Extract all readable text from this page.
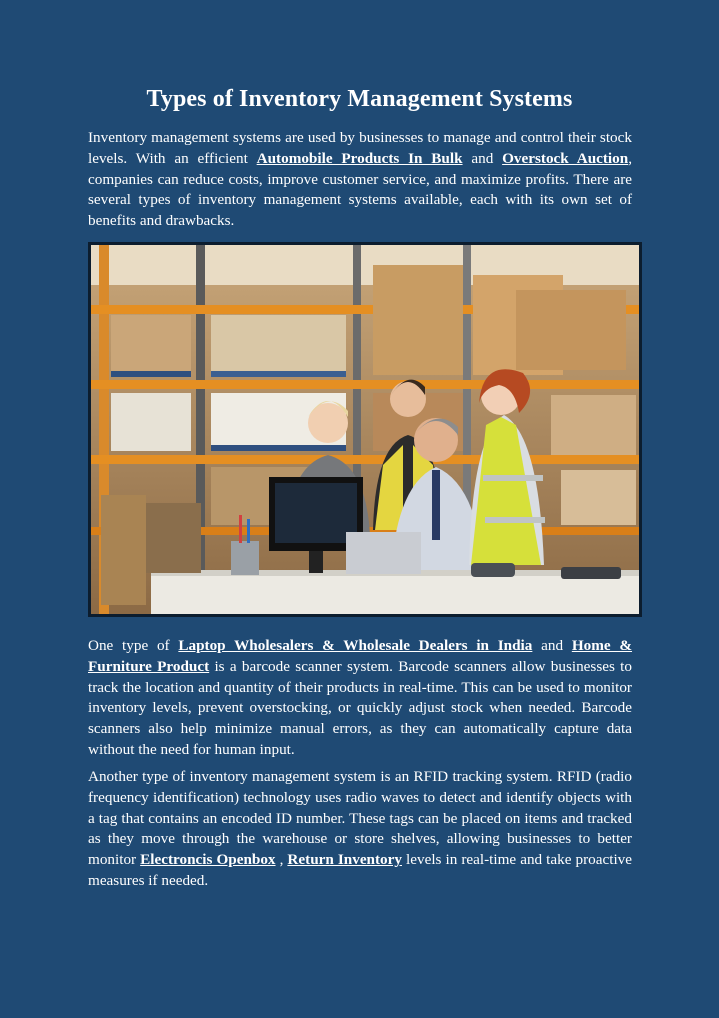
Types of Inventory Management Systems

Inventory management systems are used by businesses to manage and control their stock levels. With an efficient Automobile Products In Bulk and Overstock Auction, companies can reduce costs, improve customer service, and maximize profits. There are several types of inventory management systems available, each with its own set of benefits and drawbacks.

One type of Laptop Wholesalers & Wholesale Dealers in India and Home & Furniture Product is a barcode scanner system. Barcode scanners allow businesses to track the location and quantity of their products in real-time. This can be used to monitor inventory levels, prevent overstocking, or quickly adjust stock when needed. Barcode scanners also help minimize manual errors, as they can automatically capture data without the need for human input.

Another type of inventory management system is an RFID tracking system. RFID (radio frequency identification) technology uses radio waves to detect and identify objects with a tag that contains an encoded ID number. These tags can be placed on items and tracked as they move through the warehouse or store shelves, allowing businesses to better monitor Electroncis Openbox , Return Inventory levels in real-time and take proactive measures if needed.
